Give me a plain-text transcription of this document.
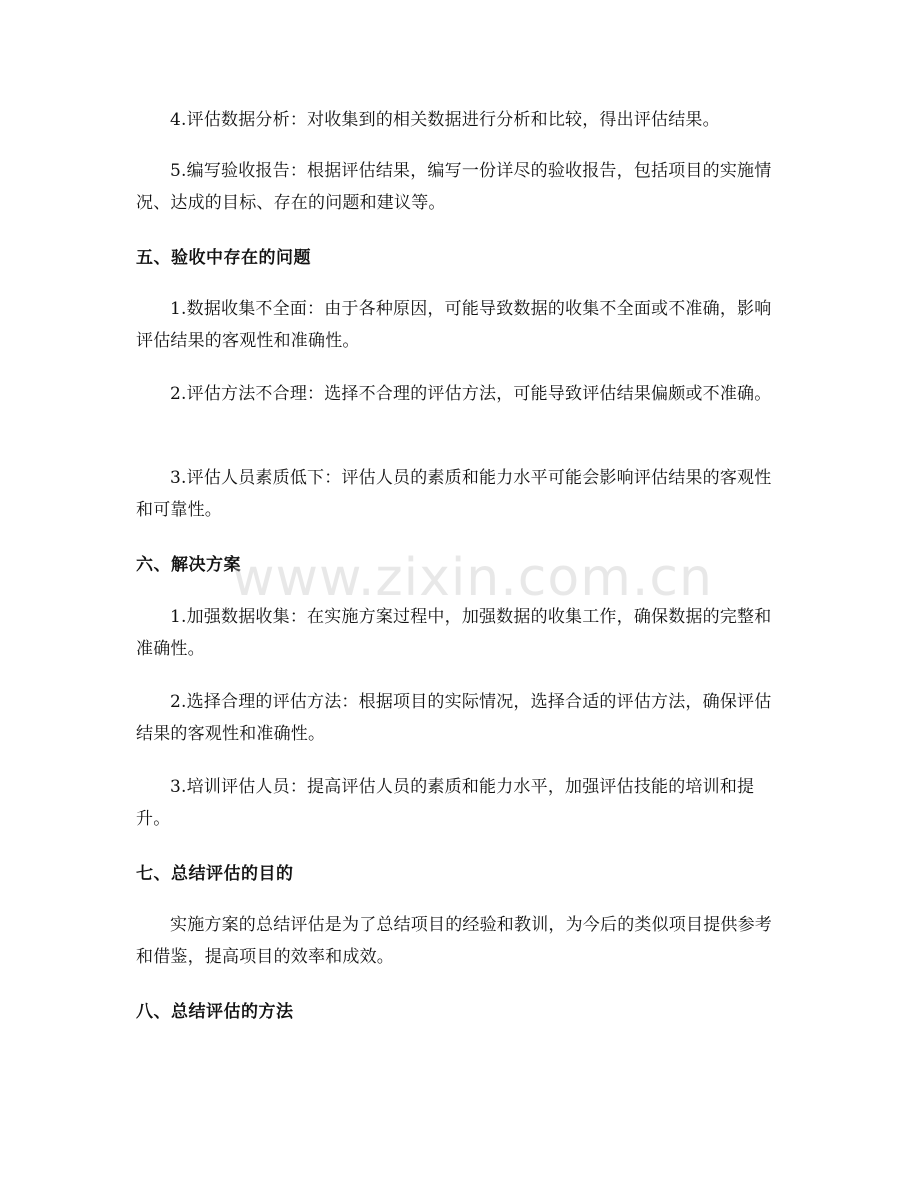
4.评估数据分析：对收集到的相关数据进行分析和比较，得出评估结果。

5.编写验收报告：根据评估结果，编写一份详尽的验收报告，包括项目的实施情况、达成的目标、存在的问题和建议等。

五、验收中存在的问题

1.数据收集不全面：由于各种原因，可能导致数据的收集不全面或不准确，影响评估结果的客观性和准确性。

2.评估方法不合理：选择不合理的评估方法，可能导致评估结果偏颇或不准确。

3.评估人员素质低下：评估人员的素质和能力水平可能会影响评估结果的客观性和可靠性。

六、解决方案

1.加强数据收集：在实施方案过程中，加强数据的收集工作，确保数据的完整和准确性。

2.选择合理的评估方法：根据项目的实际情况，选择合适的评估方法，确保评估结果的客观性和准确性。

3.培训评估人员：提高评估人员的素质和能力水平，加强评估技能的培训和提升。

七、总结评估的目的

实施方案的总结评估是为了总结项目的经验和教训，为今后的类似项目提供参考和借鉴，提高项目的效率和成效。

八、总结评估的方法
www.zixin.com.cn
